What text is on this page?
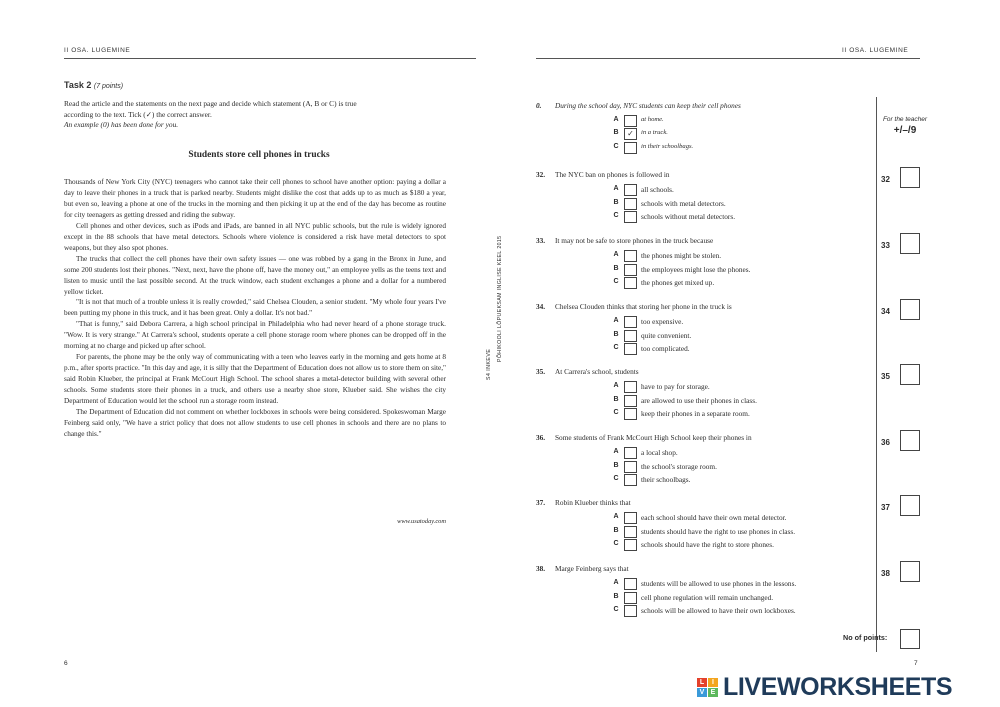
II OSA. LUGEMINE	II OSA. LUGEMINE
Task 2 (7 points)
Read the article and the statements on the next page and decide which statement (A, B or C) is true
according to the text. Tick (✓) the correct answer.
An example (0) has been done for you.
Students store cell phones in trucks

Thousands of New York City (NYC) teenagers who cannot take their cell phones to school have another option: paying a dollar a day to leave their phones in a truck that is parked nearby. Students might dislike the cost that adds up to as much as $180 a year, but even so, leaving a phone at one of the trucks in the morning and then picking it up at the end of the day has become as routine for city teenagers as getting dressed and riding the subway.

Cell phones and other devices, such as iPods and iPads, are banned in all NYC public schools, but the rule is widely ignored except in the 88 schools that have metal detectors. Schools where violence is considered a risk have metal detectors to spot weapons, but they also spot phones.

The trucks that collect the cell phones have their own safety issues — one was robbed by a gang in the Bronx in June, and some 200 students lost their phones. "Next, next, have the phone off, have the money out," an employee yells as the teens text and listen to music until the last possible second. At the truck window, each student exchanges a phone and a dollar for a numbered yellow ticket.

"It is not that much of a trouble unless it is really crowded," said Chelsea Clouden, a senior student. "My whole four years I've been putting my phone in this truck, and it has been great. Only a dollar. It's not bad."

"That is funny," said Debora Carrera, a high school principal in Philadelphia who had never heard of a phone storage truck. "Wow. It is very strange." At Carrera's school, students operate a cell phone storage room where phones can be dropped off in the morning at no charge and picked up after school.

For parents, the phone may be the only way of communicating with a teen who leaves early in the morning and gets home at 8 p.m., after sports practice. "In this day and age, it is silly that the Department of Education does not allow us to store them on site," said Robin Klueber, the principal at Frank McCourt High School. The school shares a metal-detector building with several other schools. Some students store their phones in a truck, and others use a nearby shoe store, Klueber said. She wishes the city Department of Education would let the school run a storage room instead.

The Department of Education did not comment on whether lockboxes in schools were being considered. Spokeswoman Marge Feinberg said only, "We have a strict policy that does not allow students to use cell phones in schools and there are no plans to change this."

www.usatoday.com
6
S4 INKEVE
PÕHIKOOLI LÕPUEKSAM INGLISE KEEL 2015
For the teacher
+/–/9
0. During the school day, NYC students can keep their cell phones
A	at home.
B	✓	in a truck.
C	in their schoolbags.
32. The NYC ban on phones is followed in
A	all schools.
B	schools with metal detectors.
C	schools without metal detectors.
32
33. It may not be safe to store phones in the truck because
A	the phones might be stolen.
B	the employees might lose the phones.
C	the phones get mixed up.
33
34. Chelsea Clouden thinks that storing her phone in the truck is
A	too expensive.
B	quite convenient.
C	too complicated.
34
35. At Carrera's school, students
A	have to pay for storage.
B	are allowed to use their phones in class.
C	keep their phones in a separate room.
35
36. Some students of Frank McCourt High School keep their phones in
A	a local shop.
B	the school's storage room.
C	their schoolbags.
36
37. Robin Klueber thinks that
A	each school should have their own metal detector.
B	students should have the right to use phones in class.
C	schools should have the right to store phones.
37
38. Marge Feinberg says that
A	students will be allowed to use phones in the lessons.
B	cell phone regulation will remain unchanged.
C	schools will be allowed to have their own lockboxes.
38
No of points:
7
L	I
V E LIVEWORKSHEETS
